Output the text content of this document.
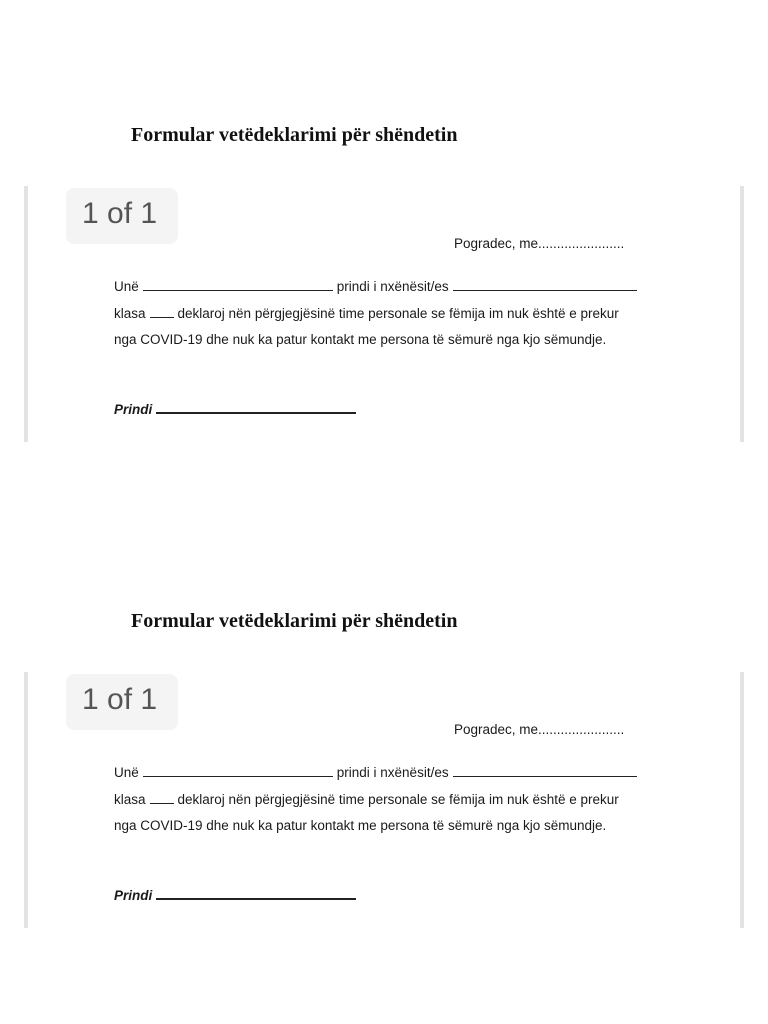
Formular vetëdeklarimi për shëndetin
1 of 1
Pogradec, me.......................
Unë	prindi i nxënësit/es
klasa deklaroj nën përgjegjësinë time personale se fëmija im nuk është e prekur
nga COVID-19 dhe nuk ka patur kontakt me persona të sëmurë nga kjo sëmundje.
Prindi
Formular vetëdeklarimi për shëndetin
1 of 1
Pogradec, me.......................
Unë	prindi i nxënësit/es
klasa deklaroj nën përgjegjësinë time personale se fëmija im nuk është e prekur
nga COVID-19 dhe nuk ka patur kontakt me persona të sëmurë nga kjo sëmundje.
Prindi
